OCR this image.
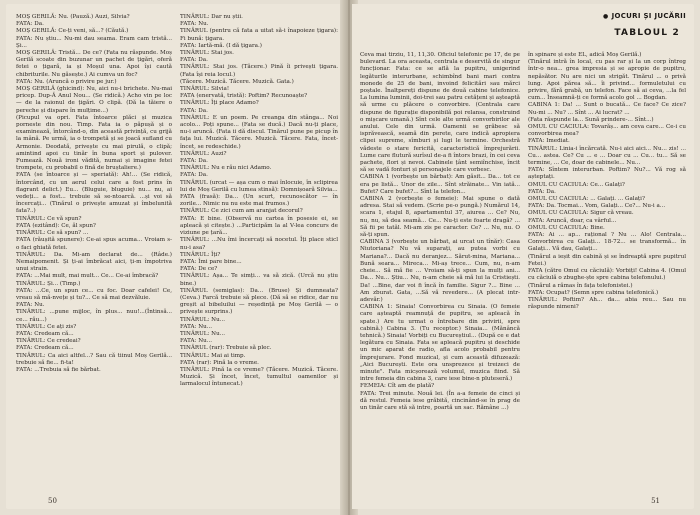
MOȘ GERILĂ: Nu. (Pauză.) Auzi, Silvia?
FATA: Da.
MOȘ GERILĂ: Ce-ți veni, să...? (Căută.)
FATA: Nu știu... Nu-mi dau seama. Eram cam tristă... Și...
MOȘ GERILĂ: Tristă... De ce? (Fata nu răspunde. Moș Gerilă scoate din buzunar un pachet de țigări, oferă fetei o țigară, ia și Moșul una. Apoi își caută chibriturile. Nu găsește.) Ai cumva un foc?
FATA: Nu. (Aruncă o privire pe jur.)
MOȘ GERILĂ (ghicind): Nu, aici nu-i brichete. Nu-mai pricep. Dup-Ă Anul Nou... (Se ridică.) Acho vin pe loc — de la raionul de țigări. O clipă. (Dă la tăiere o pereche și dispare în mulțime...)
(Picupul va opri. Fata întoarce plăci și muzica porneste din nou. Timp. Fata ia o păpușă și o examinează, întorcând-o, din această privință, cu grijă la mână. Pe urmă, ia o trompetă și se joacă sufland cu Armonie. Deodată, privește cu mai pirulă, o clipă; amintind apoi cu tinăr în buna sport și pulover. Fumează. Nouă ironi vădită, numai și imagine fetei trompete, cu probabil o fină de bruștaliere.)
FATA (se întoarce și — speriată): Ah!... (Se ridică, întorcând, cu un aerul celui care a fost prins în flagrant delict.) Eu... (Bluguie, bluguie) nu... nu, ai vedeți... a fost... trebuie să se-ntoarcă. ...și voi să încercați... (Tinărul o privește amuzat și îmbelunită fata?..)
TINĂRUL: Ce vă spun?
FATA (ezitând): Ce, ăl spun?
TINĂRUL: Ce să spun? ...
FATA (răușită spunere): Ce-ai spus acuma... Vroiam s-o faci ghiată fetei.
TINĂRUL: Da. Mi-am declarat de... (Râde.) Nemaipomenit. Și ți-ai îmbrăcat aici, ți-m împotriva unui strain.
FATA: ...Mai mult, mai mult... Ce... Ce-ai îmbracă?
TINĂRUL: Și... (Timp.)
FATA: ...Ce, un spun ce... cu foc. Doar cafelei! Ce, vreau să mă-nvețe și tu?... Ce să mai dezvăluie.
FATA: Nu.
TINĂRUL: ...pune mijloc, în plus... nuu!...(Întinsă... ce... rău...)
TINĂRUL: Ce ați zis?
FATA: Credeam că...
TINĂRUL: Ce credeai?
FATA: Credeam că...
TINĂRUL: Ca aici altfel...? Sau că tiinul Moș Gerilă... trebuie să fie... fi-ta!
FATA: ...Trebuia să fie bărbat.
TINĂRUL: Dar nu știi.
FATA: Nu.
TINĂRUL (pentru că fata a uitat să-i înapoieze țigara): Fi bună: țigara.
FATA: Iartă-mă. (I dă țigara.)
TINĂRUL: Stai jos.
FATA: Da.
TINĂRUL: Stai jos. (Tăcere.) Pină îi privești țigara. (Fata își reia locul.)
(Tăcere. Muzică. Tăcere. Muzică. Gata.)
TINĂRUL: Silvia!
FATA (enervată, tristă): Poftim? Recunoaște?
TINĂRUL: Îți place Adamo?
FATA: Da.
TINĂRUL: E un poem. Pe creanga din stânga... Noi acolo... Poți spune... (Fata se ducă.) Dacă nu-ți place, nu-i aruncă. (Fata ii dă discul. Tinărul pune pe picup în fața lui. Muzică. Tăcere. Muzică. Tăcere. Fata, încet-încet, se redeschide.)
TINĂRUL: Auzi?
FATA: Da.
TINĂRUL: Nu e rău nici Adamo.
FATA: Da.
TINĂRUL (urcat — așa cum o mai înlocuie, în sclipirea lui de Moș Gerilă cu lumea stinsă): Domnișoară Silvia...
FATA (frasă): Da... (Un scurt, recunoscător — în zorile... Nimic nu nu este mai frumos.)
TINĂRUL: Ce zici cum am aranjat decorul?
FATA: E bine. (Observă nu cartea în posesie ei, se apleacă și citește.) ...Participăm la al V-lea concurs de viziune pe țară...
TINĂRUL: ...Nu îmi încercați să nocetul. Îți place sticl nu-i asa?
TINĂRUL: Îți?
FATA: Îmi pare bine...
FATA: De ce?
TINĂRUL: Așa... Te simți... va să zică. (Urcă nu știu bine.)
TINĂRUL (semiglas): Da... (Bruse) Și dumneata? (Ceva.) Farcă trebuie să plece. (Dă să se ridice, dar nu greșit al bibeluilui — reședință pe Moș Gerilă — o privește surprins.)
TINĂRUL: Nu...
FATA: Nu...
TINĂRUL: Nu...
FATA: Nu...
TINĂRUL (rar): Trebuie să plec.
TINĂRUL: Mai ai timp.
FATA (rar): Pină la o vreme.
TINĂRUL: Pină la ce vreme? (Tăcere. Muzică. Tăcere. Muzică. Și încet, încet, tumultul oamenilor și larmalocul întunecat.)
50
● JOCURI ȘI JUCĂRII
TABLOUL 2
Ceva mai tirziu, 11, 11,30. Oficiul telefonic pe 17, de pe bulevard. La ora aceasta, centrala e deservită de singur funcționar. Fata: ce se află la pupitru, unigerind legăturile interurbane, schimbînd bani mari contra monede de 25 de bani, invoind felicitări sau mărci poștale. Înaltpereți dispune de două cabine telefonice. La lumina luminii, doi-trei sau patru cetățeni și așteaptă să urme cu plăcere o convorbire. (Centrala care dispune de figurație disponibilă poi relansa, construind o mișcare umană.) Sînt cele alte urmă convorbirilor ale anului. Cele din urmă. Oamenii se grăbesc să isprăvească, seamă din perete, care indică apropiera clipei supreme, sîmburi și lugi le termine. Orchestră vădeste o stare fericită, caracteristică împrejurării. Lume care flutură surîsul de-a fi întors brazi, în cei ceva pachete, flori și nevoi. Cabinele țânt semiînchise, încit să se vadă fonturi și personajele care vorbesc.
CABINA 1 (vorbește un bărbat): Am găsit... Da... tot ce era pe listă... Unor de zile... Sînt străinate... Vin iată... Bufet? Care bufet?... Sînt la telefon...
CABINA 2 (vorbește o femeie): Mai spune o dată adresa. Stai să vedem. (Scrie pe-o pungă.) Numărul 14, scara 1, etajul 8, apartamentul 37, aiurea ... Ce? Nu, nu, nu, să dea seamă... Ce... Nu-ți este foarte dragă? ... Să fii pe tatăl. Mi-am zis pe caracter. Ce? ... Nu, nu. O să-ți spun.
CABINA 3 (vorbește un bărbat, ai urcat un tînăr): Casa Niutoriana? Nu vă suparați, au putea vorbi cu Mariana?... Dacă nu deranjez... Sărut-mina, Mariana... Bună seara... Mireca... Mi-aș trece... Cum, nu, n-am cheie... Să mă fie ... Vroiam să-ți spun la mulți ani... Da... Nu... Știu... Nu, n-am cheie să mă lui la Cristiești. Da! ...Bine, dar voi fi încă în familie. Sigur ?... Bine ... Am zburat. Gata, ...Să vă revedere... (A plecat intr-adevăr.)
CABINA 1: Sinaia! Convorbirea cu Sinaia. (O femeie care așteaptă reamnuță de pupitru, se apleacă în spate.) Are tu urmat o întrebare din privirii, spre cabină.) Cabina 3. (Tu receptor.) Sinaia... (Mănâncă tehnică.) Sinaia! Vorbiți cu Bucureștiul... (După ce e dat legătura cu Sinaia. Fata se apleacă pupitru și deschide un mic aparat de radio, afla acolo probabil pentru împrejurare. Fond muzical, și cum această difuzează: „Aici București. Este ora unsprezece și treizeci de minute". Fata micșorează volumul, muzica fiind. Să intre femeia din cabina 3, care iese bine-n pluteseră.)
FEMEIA: Cît am de plată?
FATA: Trei minute. Nouă lei. (În a-a femeie de cinci și dă restul. Femeia iese grăbită, cincinând-se în prag de un tinăr care stă să intre, poartă un sac. Rămâne ...)
în spinare și este EL, adică Moș Gerilă.)
(Tinărul intră în local, cu pas rar și la un corp întreg într-o nea... grea impresia și se apropie de pupitru, nepăsător. Nu are nici un strigăt. Tinărul ... o privă lung. Apoi părea să... îi privind... formuletului cu privire, fără grabă, un telefon. Face să ai ceva, ...la fel cum... Înseamnă-ți ce formă acolo gol ... Bogdan.
CABINA 1: Da! ... Sunt o bucată... Ce face? Ce zice? Nu-mi ... Nu? ... Sînt ... Ai lucrat? ...
(Fata răspunde la... Sună prindere-... Sînt...)
OMUL CU CACIULA: Tovarăș... am ceva care... Ce-i cu convorbirea mea?
FATA: Imediat.
TINĂRUL: Linia-i încărcată. Nu-i aici aici... Nu... zis! ... Cu... astea. Ce? Cu ... e ... Doar cu ... Cu... tu... Să se termine, ... Ce, doar de cabinele... Nu...
FATA: Sîntem interurban. Poftim? Nu?... Vă rog să așteptați.
OMUL CU CACIULA: Ce... Galați?
FATA: Da.
OMUL CU CACIULA: ... Galați. ... Galați?
FATA: Da. Tocmai... Vom, Galați... Ce?... Nu-i a...
OMUL CU CACIULA: Sigur că vreau.
FATA: Aruncă, doar, ca vârful...
OMUL CU CACIULA: Bine.
FATA: Ai ... ap... rațional ? Nu ... Alo! Centrala... Convorbirea cu Galați... 18-72... se transformă... în Galați... Vă dau, Galați...
(Tinărul a ieșit din cabină și se îndreaptă spre pupitrul Fetei.)
FATA (către Omul cu căciulă): Vorbiți! Cabina 4. (Omul cu căciulă o zbughe-ște spre cabina telefonului.)
(Tinărul a rămas în fața telefonistei.)
FATA: Ocupat? (Semn spre cabina telefonică.)
TINĂRUL: Poftim? Ah... da... abia reu... Sau nu răspunde nimeni?
51
